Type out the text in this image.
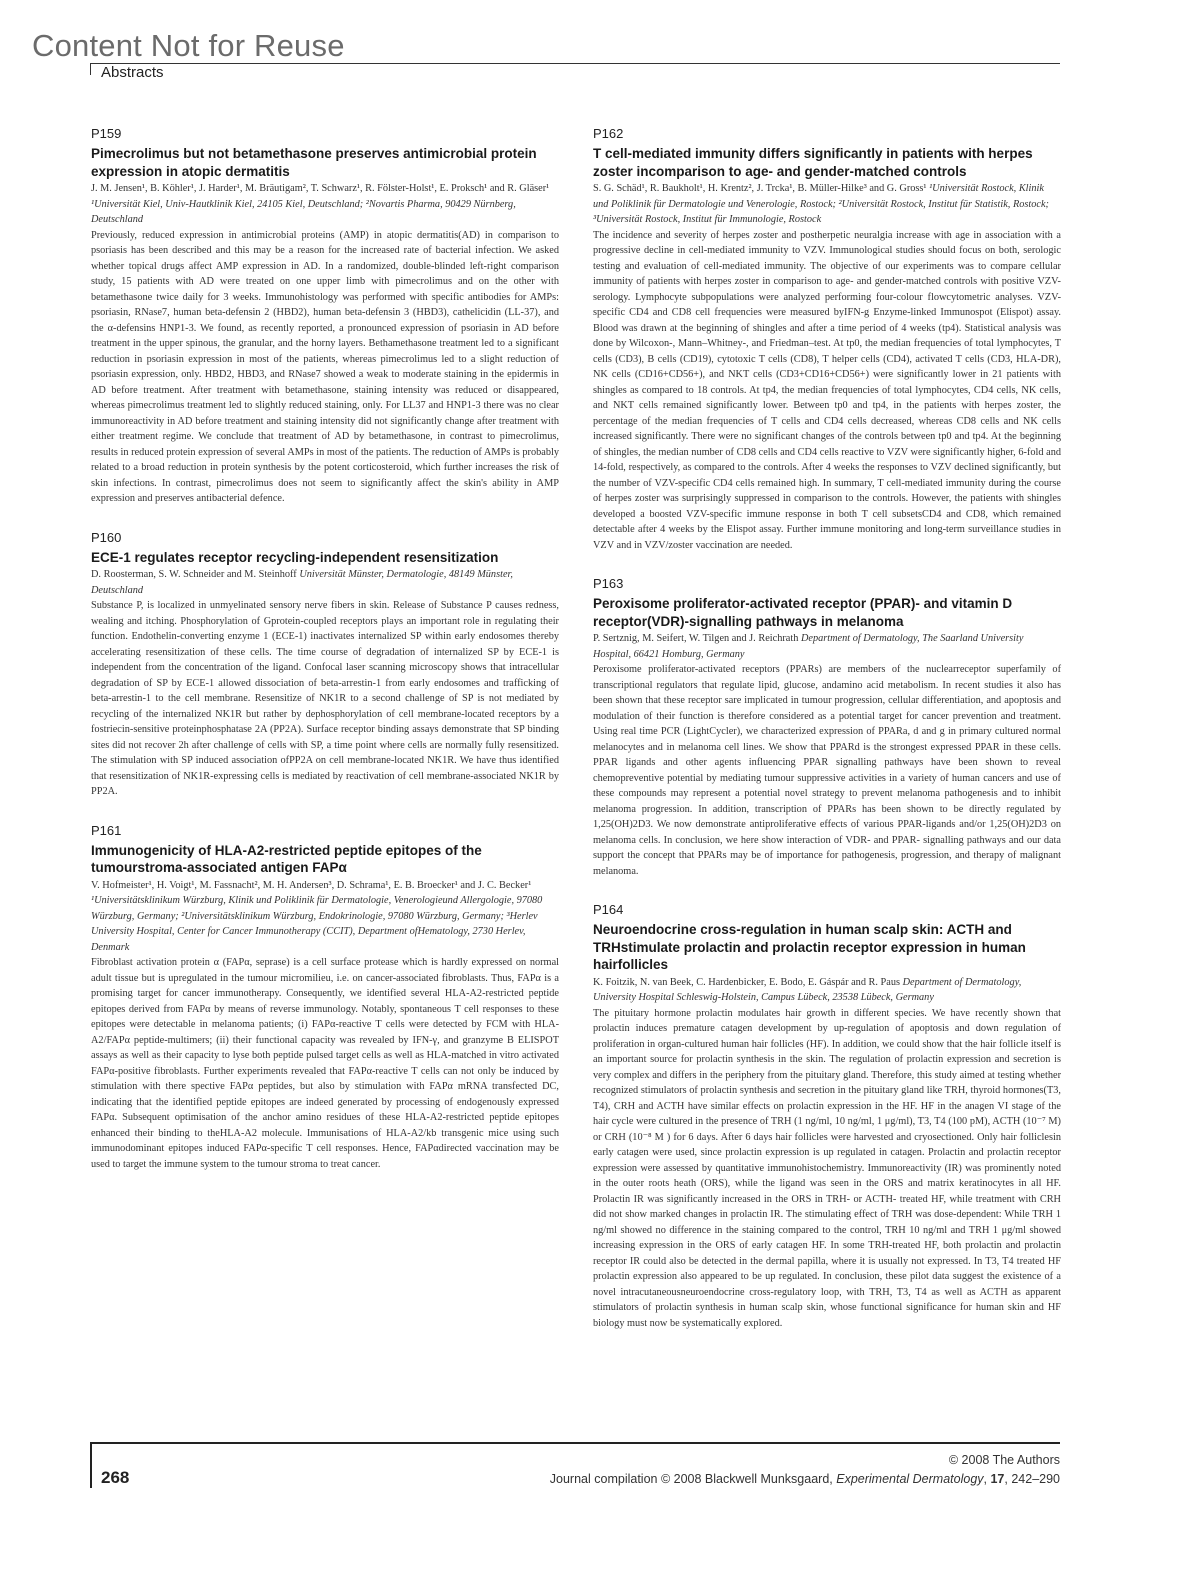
Content Not for Reuse
Abstracts
P159
Pimecrolimus but not betamethasone preserves antimicrobial protein expression in atopic dermatitis
J. M. Jensen¹, B. Köhler¹, J. Harder¹, M. Bräutigam², T. Schwarz¹, R. Fölster-Holst¹, E. Proksch¹ and R. Gläser¹ ¹Universität Kiel, Univ-Hautklinik Kiel, 24105 Kiel, Deutschland; ²Novartis Pharma, 90429 Nürnberg, Deutschland
Previously, reduced expression in antimicrobial proteins (AMP) in atopic dermatitis(AD) in comparison to psoriasis has been described and this may be a reason for the increased rate of bacterial infection. We asked whether topical drugs affect AMP expression in AD. In a randomized, double-blinded left-right comparison study, 15 patients with AD were treated on one upper limb with pimecrolimus and on the other with betamethasone twice daily for 3 weeks. Immunohistology was performed with specific antibodies for AMPs: psoriasin, RNase7, human beta-defensin 2 (HBD2), human beta-defensin 3 (HBD3), cathelicidin (LL-37), and the α-defensins HNP1-3. We found, as recently reported, a pronounced expression of psoriasin in AD before treatment in the upper spinous, the granular, and the horny layers. Bethamethasone treatment led to a significant reduction in psoriasin expression in most of the patients, whereas pimecrolimus led to a slight reduction of psoriasin expression, only. HBD2, HBD3, and RNase7 showed a weak to moderate staining in the epidermis in AD before treatment. After treatment with betamethasone, staining intensity was reduced or disappeared, whereas pimecrolimus treatment led to slightly reduced staining, only. For LL37 and HNP1-3 there was no clear immunoreactivity in AD before treatment and staining intensity did not significantly change after treatment with either treatment regime. We conclude that treatment of AD by betamethasone, in contrast to pimecrolimus, results in reduced protein expression of several AMPs in most of the patients. The reduction of AMPs is probably related to a broad reduction in protein synthesis by the potent corticosteroid, which further increases the risk of skin infections. In contrast, pimecrolimus does not seem to significantly affect the skin's ability in AMP expression and preserves antibacterial defence.
P160
ECE-1 regulates receptor recycling-independent resensitization
D. Roosterman, S. W. Schneider and M. Steinhoff Universität Münster, Dermatologie, 48149 Münster, Deutschland
Substance P, is localized in unmyelinated sensory nerve fibers in skin. Release of Substance P causes redness, wealing and itching. Phosphorylation of Gprotein-coupled receptors plays an important role in regulating their function. Endothelin-converting enzyme 1 (ECE-1) inactivates internalized SP within early endosomes thereby accelerating resensitization of these cells. The time course of degradation of internalized SP by ECE-1 is independent from the concentration of the ligand. Confocal laser scanning microscopy shows that intracellular degradation of SP by ECE-1 allowed dissociation of beta-arrestin-1 from early endosomes and trafficking of beta-arrestin-1 to the cell membrane. Resensitize of NK1R to a second challenge of SP is not mediated by recycling of the internalized NK1R but rather by dephosphorylation of cell membrane-located receptors by a fostriecin-sensitive proteinphosphatase 2A (PP2A). Surface receptor binding assays demonstrate that SP binding sites did not recover 2h after challenge of cells with SP, a time point where cells are normally fully resensitized. The stimulation with SP induced association ofPP2A on cell membrane-located NK1R. We have thus identified that resensitization of NK1R-expressing cells is mediated by reactivation of cell membrane-associated NK1R by PP2A.
P161
Immunogenicity of HLA-A2-restricted peptide epitopes of the tumourstroma-associated antigen FAPα
V. Hofmeister¹, H. Voigt¹, M. Fassnacht², M. H. Andersen³, D. Schrama¹, E. B. Broecker¹ and J. C. Becker¹ ¹Universitätsklinikum Würzburg, Klinik und Poliklinik für Dermatologie, Venerologieund Allergologie, 97080 Würzburg, Germany; ²Universitätsklinikum Würzburg, Endokrinologie, 97080 Würzburg, Germany; ³Herlev University Hospital, Center for Cancer Immunotherapy (CCIT), Department ofHematology, 2730 Herlev, Denmark
Fibroblast activation protein α (FAPα, seprase) is a cell surface protease which is hardly expressed on normal adult tissue but is upregulated in the tumour micromilieu, i.e. on cancer-associated fibroblasts. Thus, FAPα is a promising target for cancer immunotherapy. Consequently, we identified several HLA-A2-restricted peptide epitopes derived from FAPα by means of reverse immunology. Notably, spontaneous T cell responses to these epitopes were detectable in melanoma patients; (i) FAPα-reactive T cells were detected by FCM with HLA-A2/FAPα peptide-multimers; (ii) their functional capacity was revealed by IFN-γ, and granzyme B ELISPOT assays as well as their capacity to lyse both peptide pulsed target cells as well as HLA-matched in vitro activated FAPα-positive fibroblasts. Further experiments revealed that FAPα-reactive T cells can not only be induced by stimulation with there spective FAPα peptides, but also by stimulation with FAPα mRNA transfected DC, indicating that the identified peptide epitopes are indeed generated by processing of endogenously expressed FAPα. Subsequent optimisation of the anchor amino residues of these HLA-A2-restricted peptide epitopes enhanced their binding to theHLA-A2 molecule. Immunisations of HLA-A2/kb transgenic mice using such immunodominant epitopes induced FAPα-specific T cell responses. Hence, FAPαdirected vaccination may be used to target the immune system to the tumour stroma to treat cancer.
P162
T cell-mediated immunity differs significantly in patients with herpes zoster incomparison to age- and gender-matched controls
S. G. Schäd¹, R. Baukholt¹, H. Krentz², J. Trcka¹, B. Müller-Hilke³ and G. Gross¹ ¹Universität Rostock, Klinik und Poliklinik für Dermatologie und Venerologie, Rostock; ²Universität Rostock, Institut für Statistik, Rostock; ³Universität Rostock, Institut für Immunologie, Rostock
The incidence and severity of herpes zoster and postherpetic neuralgia increase with age in association with a progressive decline in cell-mediated immunity to VZV. Immunological studies should focus on both, serologic testing and evaluation of cell-mediated immunity. The objective of our experiments was to compare cellular immunity of patients with herpes zoster in comparison to age- and gender-matched controls with positive VZV-serology. Lymphocyte subpopulations were analyzed performing four-colour flowcytometric analyses. VZV-specific CD4 and CD8 cell frequencies were measured byIFN-g Enzyme-linked Immunospot (Elispot) assay. Blood was drawn at the beginning of shingles and after a time period of 4 weeks (tp4). Statistical analysis was done by Wilcoxon-, Mann–Whitney-, and Friedman–test. At tp0, the median frequencies of total lymphocytes, T cells (CD3), B cells (CD19), cytotoxic T cells (CD8), T helper cells (CD4), activated T cells (CD3, HLA-DR), NK cells (CD16+CD56+), and NKT cells (CD3+CD16+CD56+) were significantly lower in 21 patients with shingles as compared to 18 controls. At tp4, the median frequencies of total lymphocytes, CD4 cells, NK cells, and NKT cells remained significantly lower. Between tp0 and tp4, in the patients with herpes zoster, the percentage of the median frequencies of T cells and CD4 cells decreased, whereas CD8 cells and NK cells increased significantly. There were no significant changes of the controls between tp0 and tp4. At the beginning of shingles, the median number of CD8 cells and CD4 cells reactive to VZV were significantly higher, 6-fold and 14-fold, respectively, as compared to the controls. After 4 weeks the responses to VZV declined significantly, but the number of VZV-specific CD4 cells remained high. In summary, T cell-mediated immunity during the course of herpes zoster was surprisingly suppressed in comparison to the controls. However, the patients with shingles developed a boosted VZV-specific immune response in both T cell subsetsCD4 and CD8, which remained detectable after 4 weeks by the Elispot assay. Further immune monitoring and long-term surveillance studies in VZV and in VZV/zoster vaccination are needed.
P163
Peroxisome proliferator-activated receptor (PPAR)- and vitamin D receptor(VDR)-signalling pathways in melanoma
P. Sertznig, M. Seifert, W. Tilgen and J. Reichrath Department of Dermatology, The Saarland University Hospital, 66421 Homburg, Germany
Peroxisome proliferator-activated receptors (PPARs) are members of the nuclearreceptor superfamily of transcriptional regulators that regulate lipid, glucose, andamino acid metabolism. In recent studies it also has been shown that these receptor sare implicated in tumour progression, cellular differentiation, and apoptosis and modulation of their function is therefore considered as a potential target for cancer prevention and treatment. Using real time PCR (LightCycler), we characterized expression of PPARa, d and g in primary cultured normal melanocytes and in melanoma cell lines. We show that PPARd is the strongest expressed PPAR in these cells. PPAR ligands and other agents influencing PPAR signalling pathways have been shown to reveal chemopreventive potential by mediating tumour suppressive activities in a variety of human cancers and use of these compounds may represent a potential novel strategy to prevent melanoma pathogenesis and to inhibit melanoma progression. In addition, transcription of PPARs has been shown to be directly regulated by 1,25(OH)2D3. We now demonstrate antiproliferative effects of various PPAR-ligands and/or 1,25(OH)2D3 on melanoma cells. In conclusion, we here show interaction of VDR- and PPAR- signalling pathways and our data support the concept that PPARs may be of importance for pathogenesis, progression, and therapy of malignant melanoma.
P164
Neuroendocrine cross-regulation in human scalp skin: ACTH and TRHstimulate prolactin and prolactin receptor expression in human hairfollicles
K. Foitzik, N. van Beek, C. Hardenbicker, E. Bodo, E. Gáspár and R. Paus Department of Dermatology, University Hospital Schleswig-Holstein, Campus Lübeck, 23538 Lübeck, Germany
The pituitary hormone prolactin modulates hair growth in different species. We have recently shown that prolactin induces premature catagen development by up-regulation of apoptosis and down regulation of proliferation in organ-cultured human hair follicles (HF). In addition, we could show that the hair follicle itself is an important source for prolactin synthesis in the skin. The regulation of prolactin expression and secretion is very complex and differs in the periphery from the pituitary gland. Therefore, this study aimed at testing whether recognized stimulators of prolactin synthesis and secretion in the pituitary gland like TRH, thyroid hormones(T3, T4), CRH and ACTH have similar effects on prolactin expression in the HF. HF in the anagen VI stage of the hair cycle were cultured in the presence of TRH (1 ng/ml, 10 ng/ml, 1 μg/ml), T3, T4 (100 pM), ACTH (10⁻⁷ M) or CRH (10⁻⁸ M ) for 6 days. After 6 days hair follicles were harvested and cryosectioned. Only hair folliclesin early catagen were used, since prolactin expression is up regulated in catagen. Prolactin and prolactin receptor expression were assessed by quantitative immunohistochemistry. Immunoreactivity (IR) was prominently noted in the outer roots heath (ORS), while the ligand was seen in the ORS and matrix keratinocytes in all HF. Prolactin IR was significantly increased in the ORS in TRH- or ACTH- treated HF, while treatment with CRH did not show marked changes in prolactin IR. The stimulating effect of TRH was dose-dependent: While TRH 1 ng/ml showed no difference in the staining compared to the control, TRH 10 ng/ml and TRH 1 μg/ml showed increasing expression in the ORS of early catagen HF. In some TRH-treated HF, both prolactin and prolactin receptor IR could also be detected in the dermal papilla, where it is usually not expressed. In T3, T4 treated HF prolactin expression also appeared to be up regulated. In conclusion, these pilot data suggest the existence of a novel intracutaneousneuroendocrine cross-regulatory loop, with TRH, T3, T4 as well as ACTH as apparent stimulators of prolactin synthesis in human scalp skin, whose functional significance for human skin and HF biology must now be systematically explored.
268
© 2008 The Authors
Journal compilation © 2008 Blackwell Munksgaard, Experimental Dermatology, 17, 242–290
